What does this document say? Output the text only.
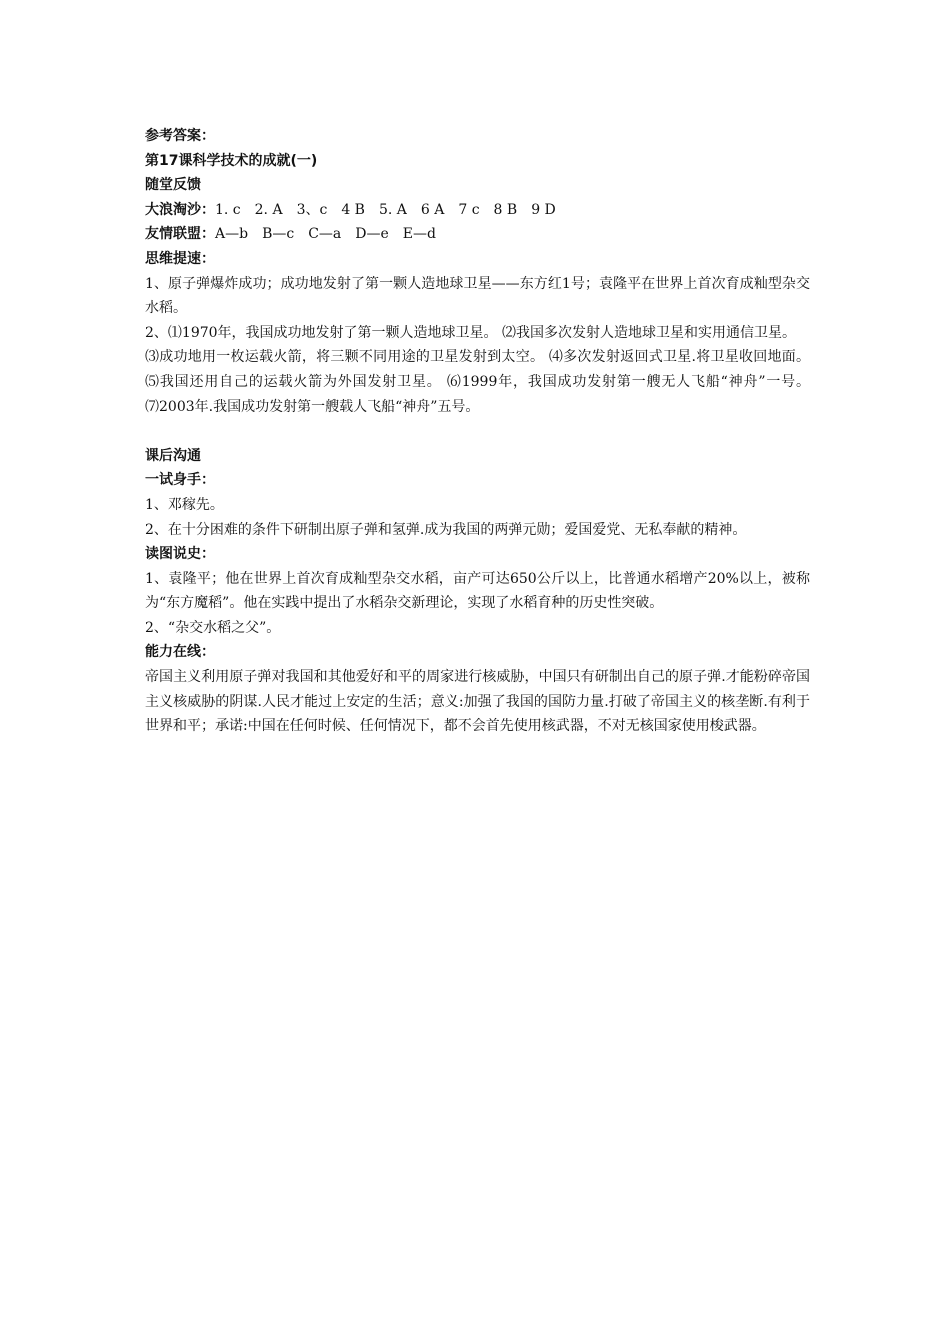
参考答案：
第17课科学技术的成就(一)
随堂反馈
大浪淘沙：1. c　2. A　3、c　4 B　5. A　6 A　7 c　8 B　9 D
友情联盟：A—b　B—c　C—a　D—e　E—d
思维提速：
1、原子弹爆炸成功；成功地发射了第一颗人造地球卫星——东方红1号；袁隆平在世界上首次育成籼型杂交水稻。
2、⑴1970年，我国成功地发射了第一颗人造地球卫星。 ⑵我国多次发射人造地球卫星和实用通信卫星。
⑶成功地用一枚运载火箭，将三颗不同用途的卫星发射到太空。 ⑷多次发射返回式卫星.将卫星收回地面。 ⑸我国还用自己的运载火箭为外国发射卫星。 ⑹1999年，我国成功发射第一艘无人飞船“神舟”一号。 ⑺2003年.我国成功发射第一艘载人飞船“神舟”五号。
课后沟通
一试身手：
1、邓稼先。
2、在十分困难的条件下研制出原子弹和氢弹.成为我国的两弹元勋；爱国爱党、无私奉献的精神。
读图说史：
1、袁隆平；他在世界上首次育成籼型杂交水稻，亩产可达650公斤以上，比普通水稻增产20%以上，被称为“东方魔稻”。他在实践中提出了水稻杂交新理论，实现了水稻育种的历史性突破。
2、“杂交水稻之父”。
能力在线：
帝国主义利用原子弹对我国和其他爱好和平的周家进行核威胁，中国只有研制出自己的原子弹.才能粉碎帝国主义核威胁的阴谋.人民才能过上安定的生活；意义:加强了我国的国防力量.打破了帝国主义的核垄断.有利于世界和平；承诺:中国在任何时候、任何情况下，都不会首先使用核武器，不对无核国家使用梭武器。
